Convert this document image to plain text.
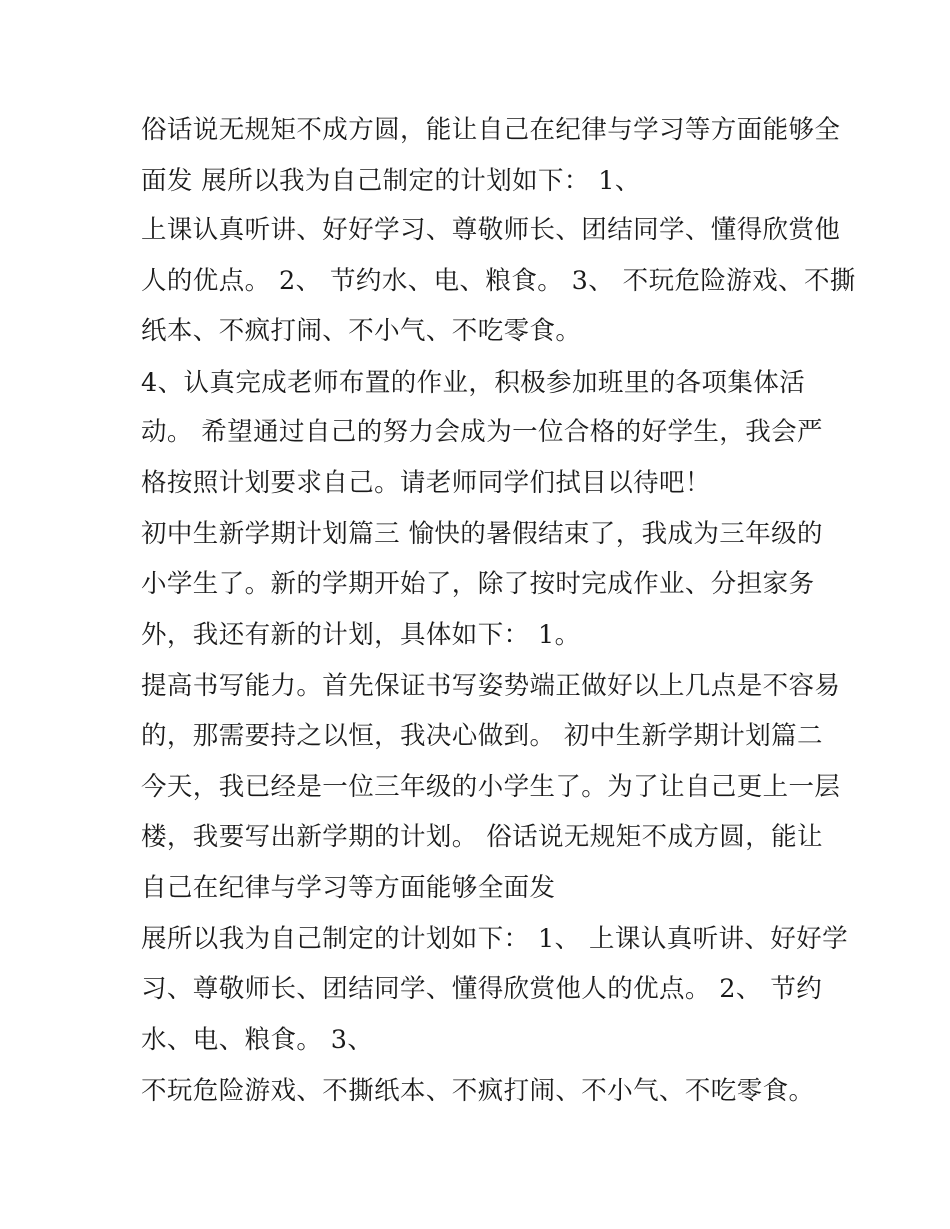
俗话说无规矩不成方圆，能让自己在纪律与学习等方面能够全
面发 展所以我为自己制定的计划如下： 1、
上课认真听讲、好好学习、尊敬师长、团结同学、懂得欣赏他
人的优点。 2、 节约水、电、粮食。 3、 不玩危险游戏、不撕
纸本、不疯打闹、不小气、不吃零食。
4、认真完成老师布置的作业，积极参加班里的各项集体活
动。 希望通过自己的努力会成为一位合格的好学生，我会严
格按照计划要求自己。请老师同学们拭目以待吧！
初中生新学期计划篇三 愉快的暑假结束了，我成为三年级的
小学生了。新的学期开始了，除了按时完成作业、分担家务
外，我还有新的计划，具体如下： 1。
提高书写能力。首先保证书写姿势端正做好以上几点是不容易
的，那需要持之以恒，我决心做到。 初中生新学期计划篇二
今天，我已经是一位三年级的小学生了。为了让自己更上一层
楼，我要写出新学期的计划。 俗话说无规矩不成方圆，能让
自己在纪律与学习等方面能够全面发
展所以我为自己制定的计划如下： 1、 上课认真听讲、好好学
习、尊敬师长、团结同学、懂得欣赏他人的优点。 2、 节约
水、电、粮食。 3、
不玩危险游戏、不撕纸本、不疯打闹、不小气、不吃零食。
